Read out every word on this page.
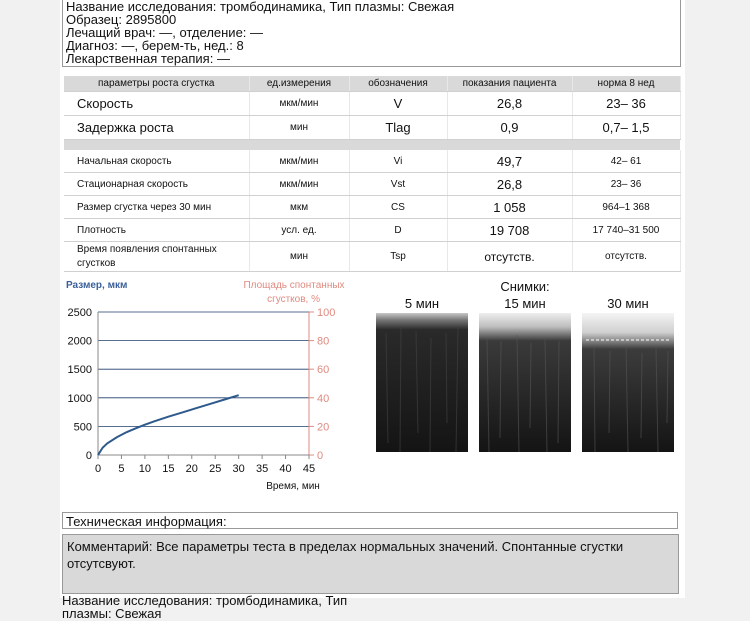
Название исследования: тромбодинамика, Тип плазмы: Свежая
Образец: 2895800
Лечащий врач: —, отделение: —
Диагноз: —, берем-ть, нед.: 8
Лекарственная терапия: —
параметры роста сгустка	ед.измерения	обозначения	показания пациента	норма 8 нед
Скорость	мкм/мин	V	26,8	23– 36
Задержка роста	мин	Tlag	0,9	0,7– 1,5

Начальная скорость	мкм/мин	Vi	49,7	42– 61
Стационарная скорость	мкм/мин	Vst	26,8	23– 36
Размер сгустка через 30 мин	мкм	CS	1 058	964–1 368
Плотность	усл. ед.	D	19 708	17 740–31 500
Время появления спонтанных сгустков	мин	Tsp	отсутств.	отсутств.
Размер, мкм	Площадь спонтанных
сгустков, %
Время, мин
0
500
1000
1500
2000
2500
0
20
40
60
80
100
0 5 10 15 20 25 30 35 40 45
Снимки:
5 мин	15 мин	30 мин
Техническая информация:
Комментарий: Все параметры теста в пределах нормальных значений. Спонтанные сгустки отсутсвуют.
Название исследования: тромбодинамика, Тип плазмы: Свежая
